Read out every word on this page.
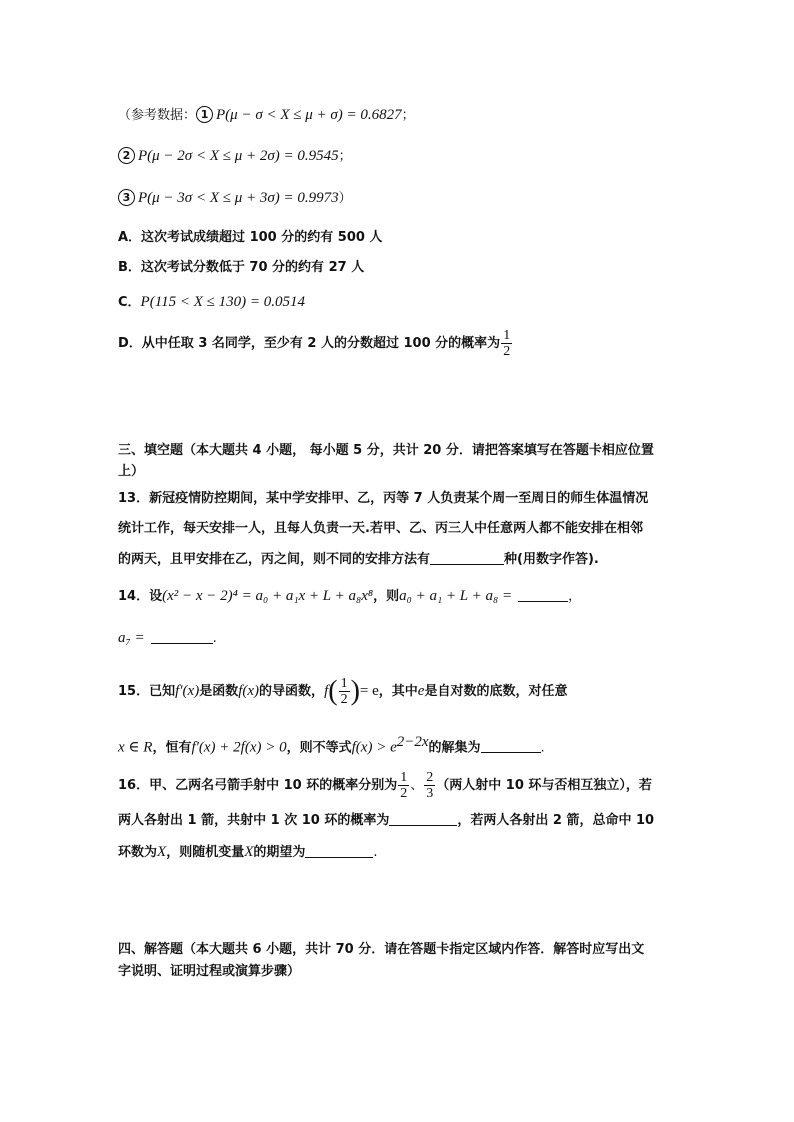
（参考数据： 1 P(μ − σ < X ≤ μ + σ) = 0.6827；
2 P(μ − 2σ < X ≤ μ + 2σ) = 0.9545；
3 P(μ − 3σ < X ≤ μ + 3σ) = 0.9973）
A．这次考试成绩超过 100 分的约有 500 人
B．这次考试分数低于 70 分的约有 27 人
C．P(115 < X ≤ 130) = 0.0514
D．从中任取 3 名同学，至少有 2 人的分数超过 100 分的概率为 $\frac{1}{2}$
三、填空题（本大题共 4 小题， 每小题 5 分，共计 20 分．请把答案填写在答题卡相应位置
上）
13．新冠疫情防控期间，某中学安排甲、乙，丙等 7 人负责某个周一至周日的师生体温情况
统计工作，每天安排一人，且每人负责一天.若甲、乙、丙三人中任意两人都不能安排在相邻
的两天，且甲安排在乙，丙之间，则不同的安排方法有	种(用数字作答).
14．设(x² − x − 2)⁴ = a₀ + a₁x + L + a₈x⁸，则a₀ + a₁ + L + a₈ =	，
a₇ =	.
15．已知f′(x)是函数f(x)的导函数，$f( \frac{1}{2}$ )= e，其中e是自对数的底数，对任意
x ∈ R，恒有f′(x) + 2f(x) > 0，则不等式$f(x) > e^{2-2x}$的解集为	.
16．甲、乙两名弓箭手射中 10 环的概率分别为 $\frac{1}{2}$ 、 $\frac{2}{3}$ （两人射中 10 环与否相互独立），若
两人各射出 1 箭，共射中 1 次 10 环的概率为	，若两人各射出 2 箭，总命中 10
环数为X，则随机变量X的期望为	.
四、解答题（本大题共 6 小题，共计 70 分．请在答题卡指定区域内作答．解答时应写出文
字说明、证明过程或演算步骤）
